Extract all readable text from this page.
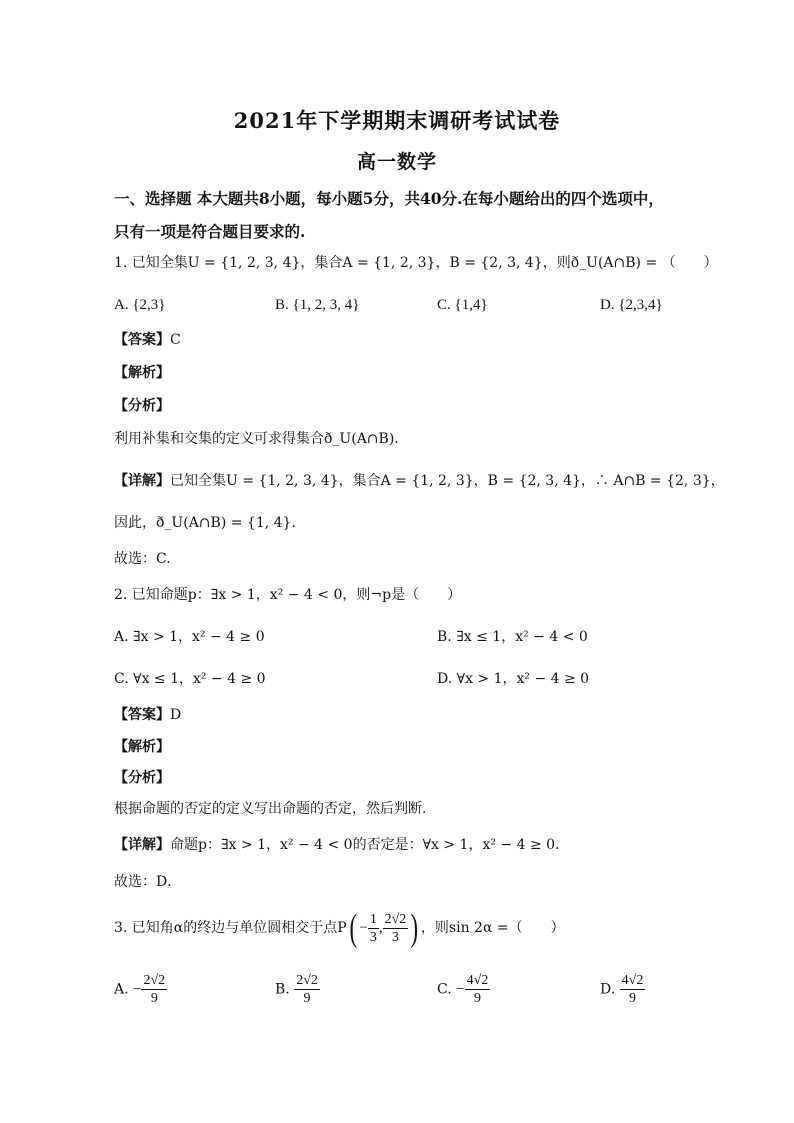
2021年下学期期末调研考试试卷
高一数学
一、选择题 本大题共8小题，每小题5分，共40分.在每小题给出的四个选项中，
只有一项是符合题目要求的.
1. 已知全集U = {1, 2, 3, 4}，集合A = {1, 2, 3}，B = {2, 3, 4}，则ð_U(A∩B) = （　　）
A. {2,3}	B. {1, 2, 3, 4}	C. {1,4}	D. {2,3,4}
【答案】C
【解析】
【分析】
利用补集和交集的定义可求得集合ð_U(A∩B).
【详解】已知全集U = {1, 2, 3, 4}，集合A = {1, 2, 3}，B = {2, 3, 4}，∴ A∩B = {2, 3}，
因此，ð_U(A∩B) = {1, 4}.
故选：C.
2. 已知命题p：∃x > 1，x² − 4 < 0，则¬p是（　　）
A. ∃x > 1，x² − 4 ≥ 0	B. ∃x ≤ 1，x² − 4 < 0
C. ∀x ≤ 1，x² − 4 ≥ 0	D. ∀x > 1，x² − 4 ≥ 0
【答案】D
【解析】
【分析】
根据命题的否定的定义写出命题的否定，然后判断．
【详解】命题p：∃x > 1，x² − 4 < 0的否定是：∀x > 1，x² − 4 ≥ 0．
故选：D．
3. 已知角α的终边与单位圆相交于点$P( - \frac{1}{3}$ , $\frac{2√2}{3}$ ) ，则sin 2α =（　　）
A. − $\frac{2√2}{9}$	B. $\frac{2√2}{9}$	C. − $\frac{4√2}{9}$	D. $\frac{4√2}{9}$
